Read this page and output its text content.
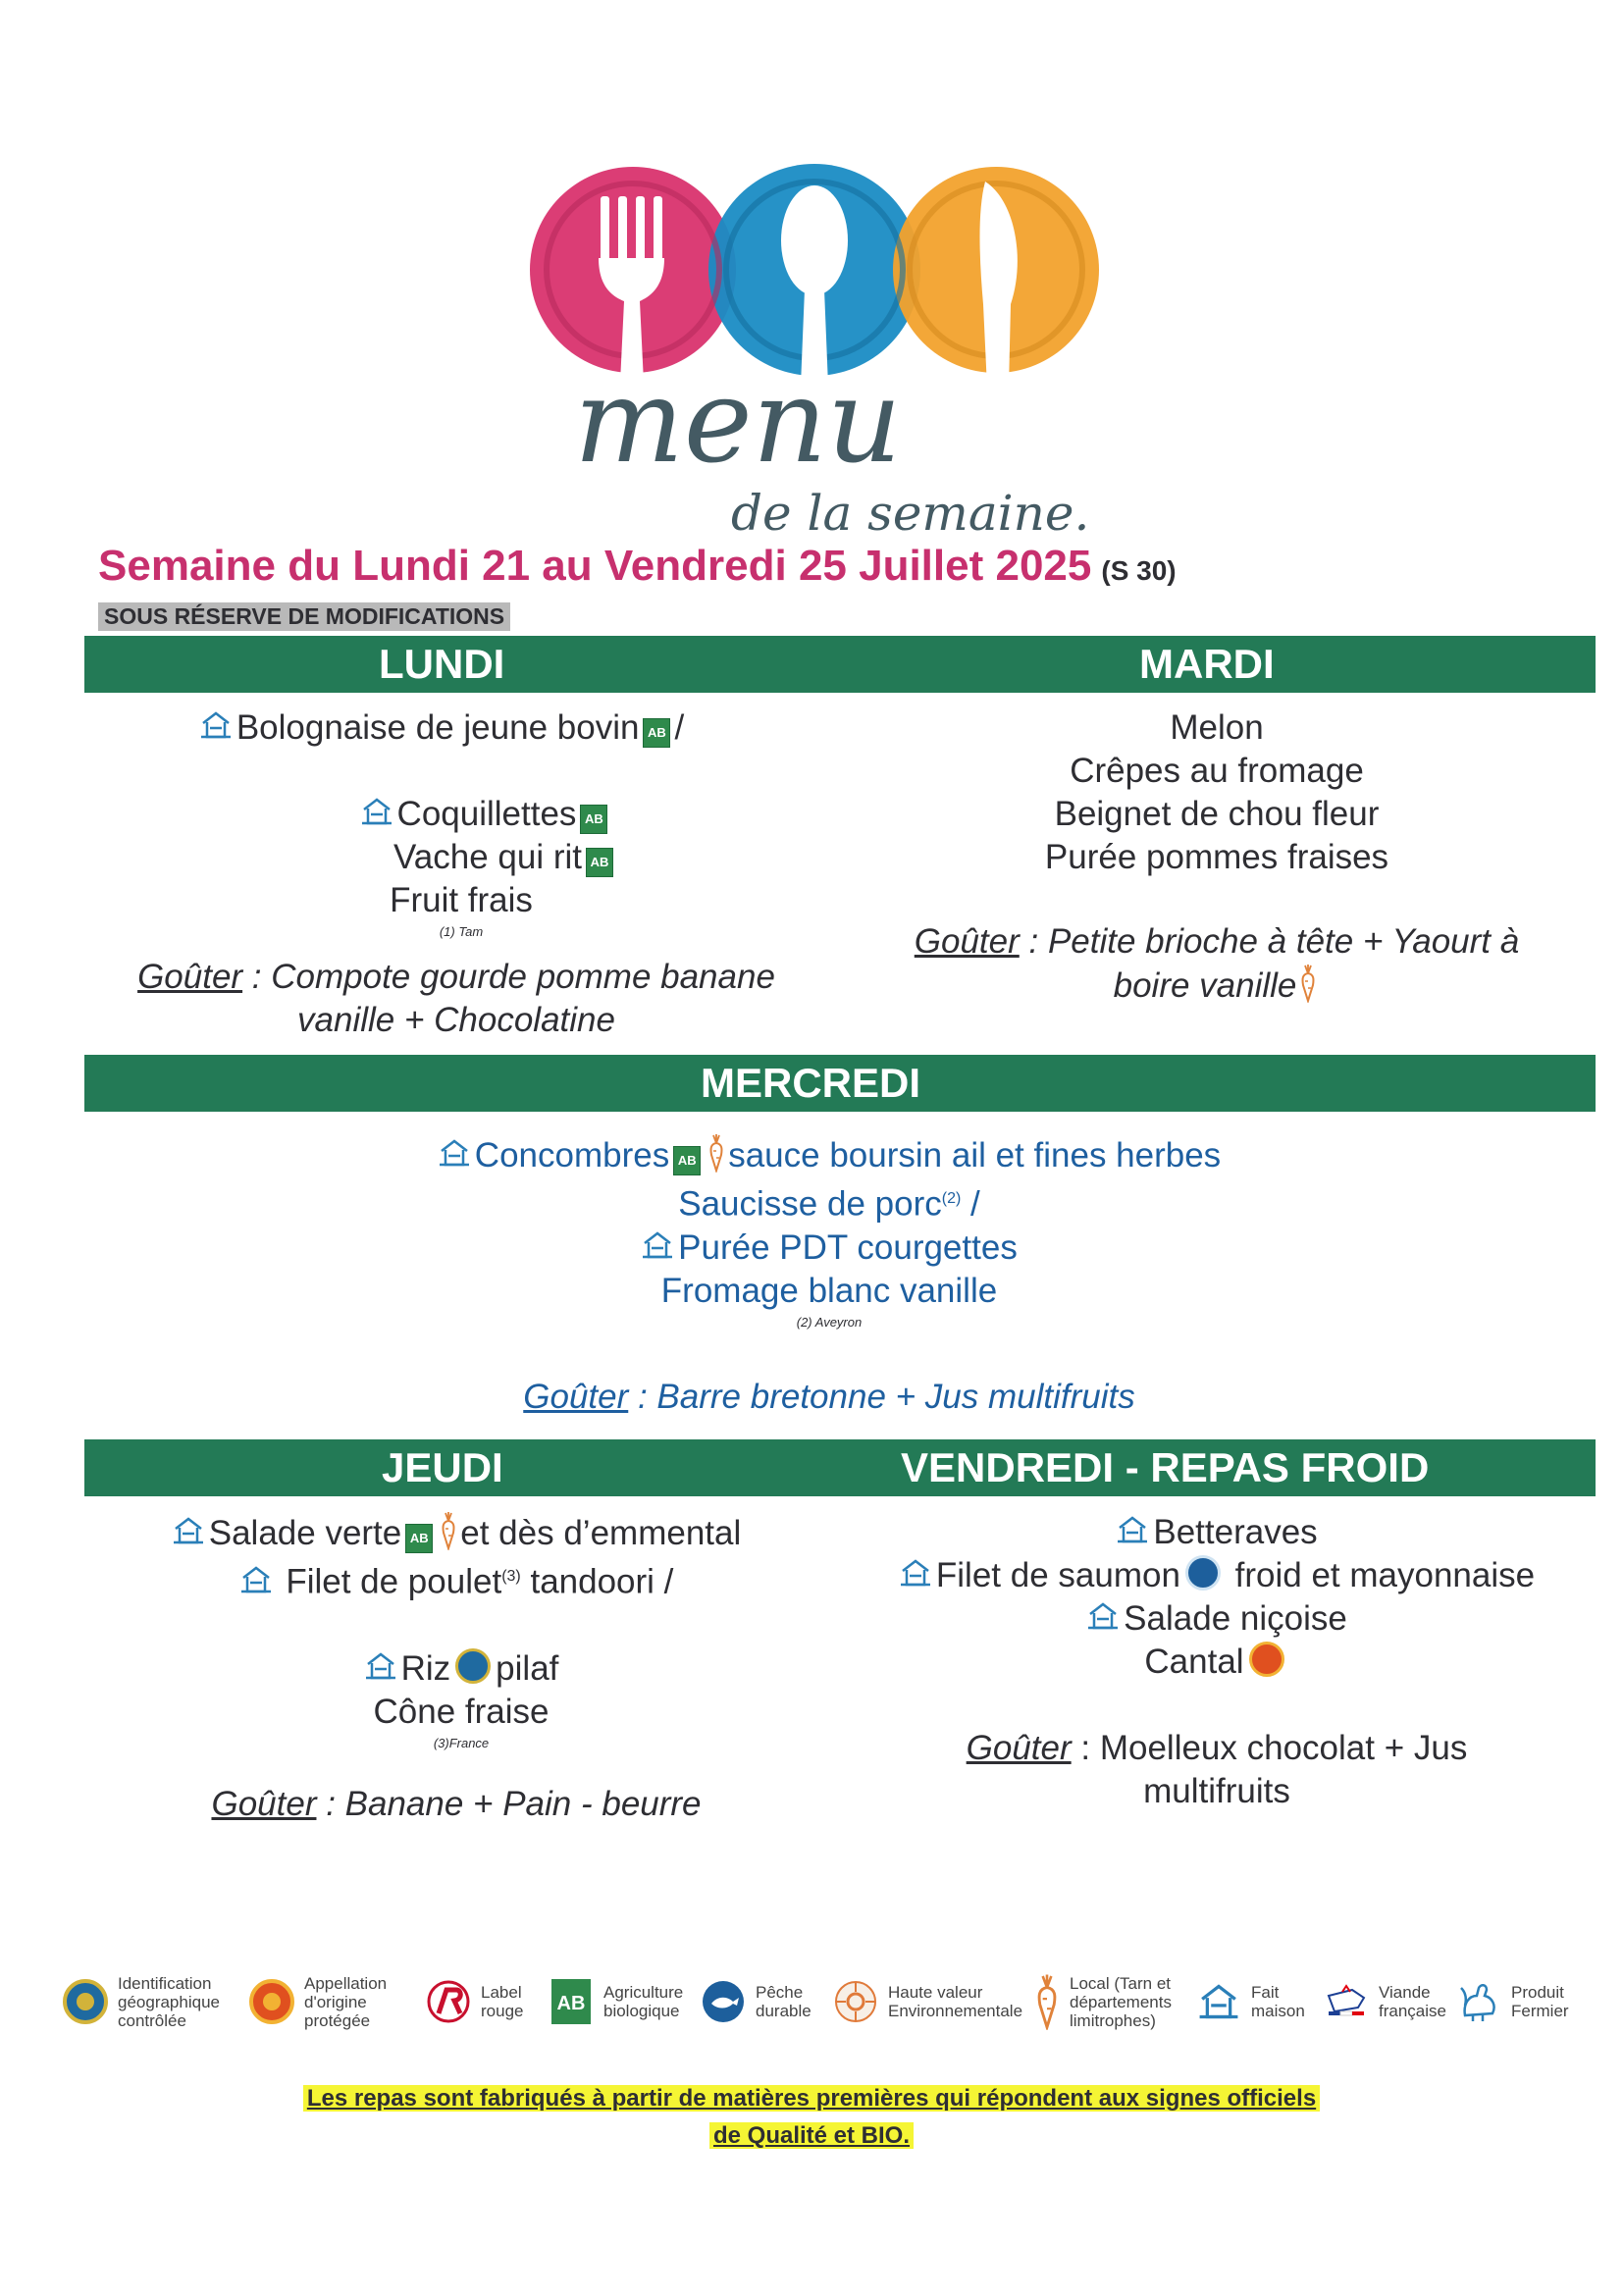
menu
de la semaine.
Semaine du Lundi 21 au Vendredi 25 Juillet 2025 (S 30)
SOUS RÉSERVE DE MODIFICATIONS
LUNDI	MARDI
Bolognaise de jeune bovin AB /

Coquillettes AB
Vache qui rit AB
Fruit frais
(1) Tam
Goûter : Compote gourde pomme banane
vanille + Chocolatine
Melon
Crêpes au fromage
Beignet de chou fleur
Purée pommes fraises
Goûter : Petite brioche à tête + Yaourt à
boire vanille
MERCREDI
Concombres AB sauce boursin ail et fines herbes
Saucisse de porc$^{(2)}$ /
Purée PDT courgettes
Fromage blanc vanille
(2) Aveyron
Goûter : Barre bretonne + Jus multifruits
JEUDI	VENDREDI - REPAS FROID
Salade verte AB et dès d’emmental
Filet de poulet$^{(3)}$ tandoori /

Riz pilaf
Cône fraise
(3)France
Goûter : Banane + Pain - beurre
Betteraves
Filet de saumon froid et mayonnaise
Salade niçoise
Cantal
Goûter : Moelleux chocolat + Jus
multifruits
Identification
géographique
contrôlée
Appellation
d'origine
protégée
Label
rouge AB
Agriculture
biologique
Pêche
durable
Haute valeur
Environnementale
Local (Tarn et
départements
limitrophes)
Fait
maison
Viande
française
Produit
Fermier
Les repas sont fabriqués à partir de matières premières qui répondent aux signes officiels
de Qualité et BIO.
